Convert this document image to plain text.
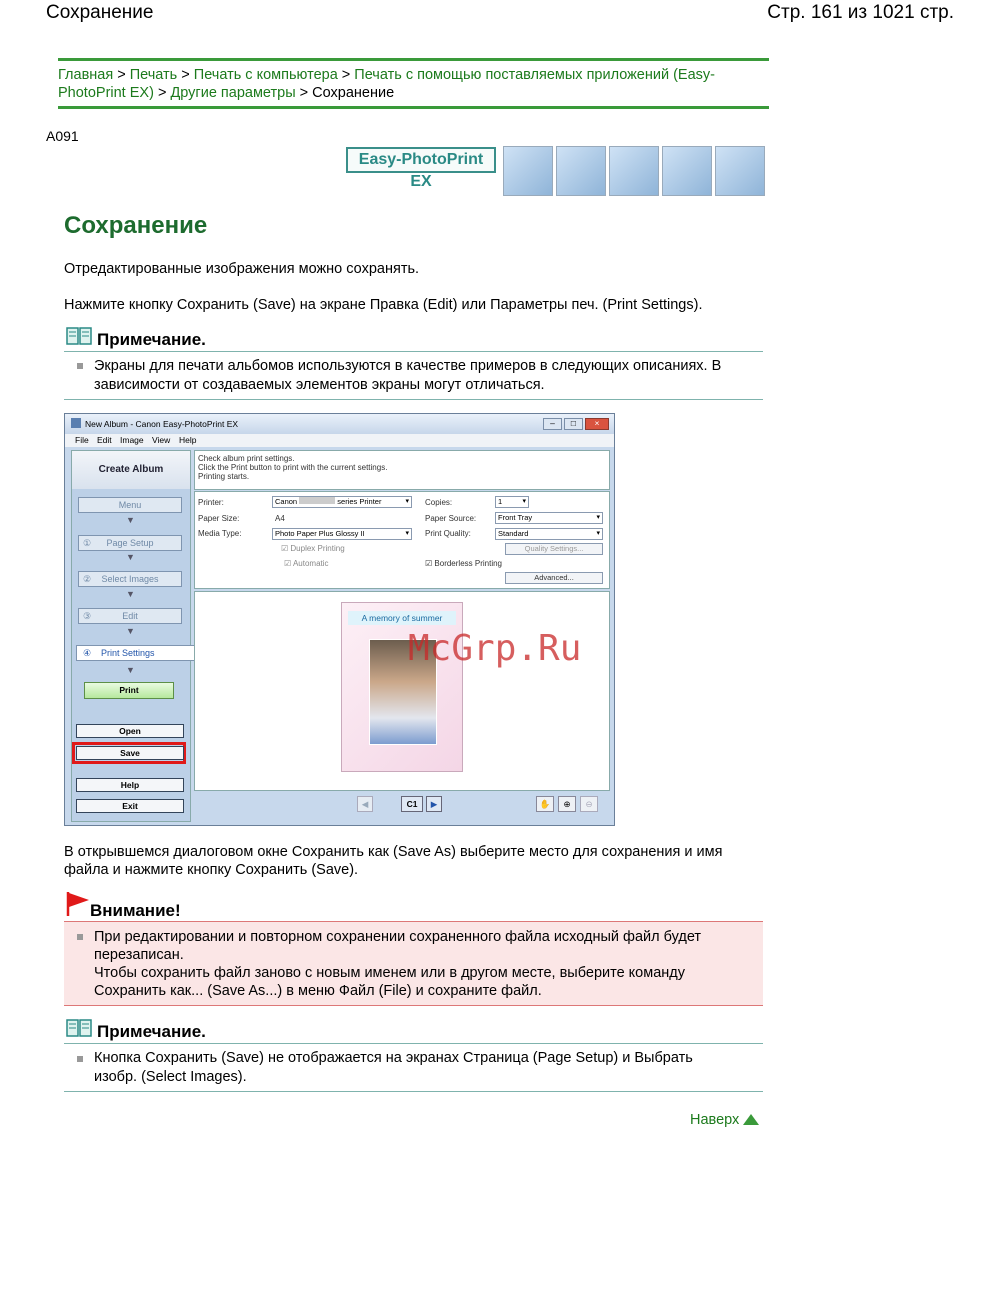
Сохранение	Стр. 161 из 1021 стр.
Главная > Печать > Печать с компьютера > Печать с помощью поставляемых приложений (Easy-PhotoPrint EX) > Другие параметры > Сохранение
A091
Easy-PhotoPrint EX
Сохранение
Отредактированные изображения можно сохранять.
Нажмите кнопку Сохранить (Save) на экране Правка (Edit) или Параметры печ. (Print Settings).
Примечание.
Экраны для печати альбомов используются в качестве примеров в следующих описаниях. В
зависимости от создаваемых элементов экраны могут отличаться.
New Album - Canon Easy-PhotoPrint EX	–	□	×
File Edit Image View Help
Create Album
Menu
▼
① Page Setup
▼
② Select Images
▼
③	Edit
▼
④ Print Settings
▼
Print
Open
Save
Help
Exit
Check album print settings.
Click the Print button to print with the current settings.
Printing starts.
Printer:	Canon	series Printer ▾
Paper Size:	A4
Media Type:	Photo Paper Plus Glossy II ▾
☑ Duplex Printing
☑ Automatic
Copies:	1 ▾
Paper Source:	Front Tray ▾
Print Quality:	Standard ▾
Quality Settings...
☑ Borderless Printing
Advanced...
A memory of summer
◀	C1	▶	✋	⊕	⊖
McGrp.Ru
В открывшемся диалоговом окне Сохранить как (Save As) выберите место для сохранения и имя
файла и нажмите кнопку Сохранить (Save).
Внимание!
При редактировании и повторном сохранении сохраненного файла исходный файл будет
перезаписан.
Чтобы сохранить файл заново с новым именем или в другом месте, выберите команду
Сохранить как... (Save As...) в меню Файл (File) и сохраните файл.
Примечание.
Кнопка Сохранить (Save) не отображается на экранах Страница (Page Setup) и Выбрать
изобр. (Select Images).
Наверх
